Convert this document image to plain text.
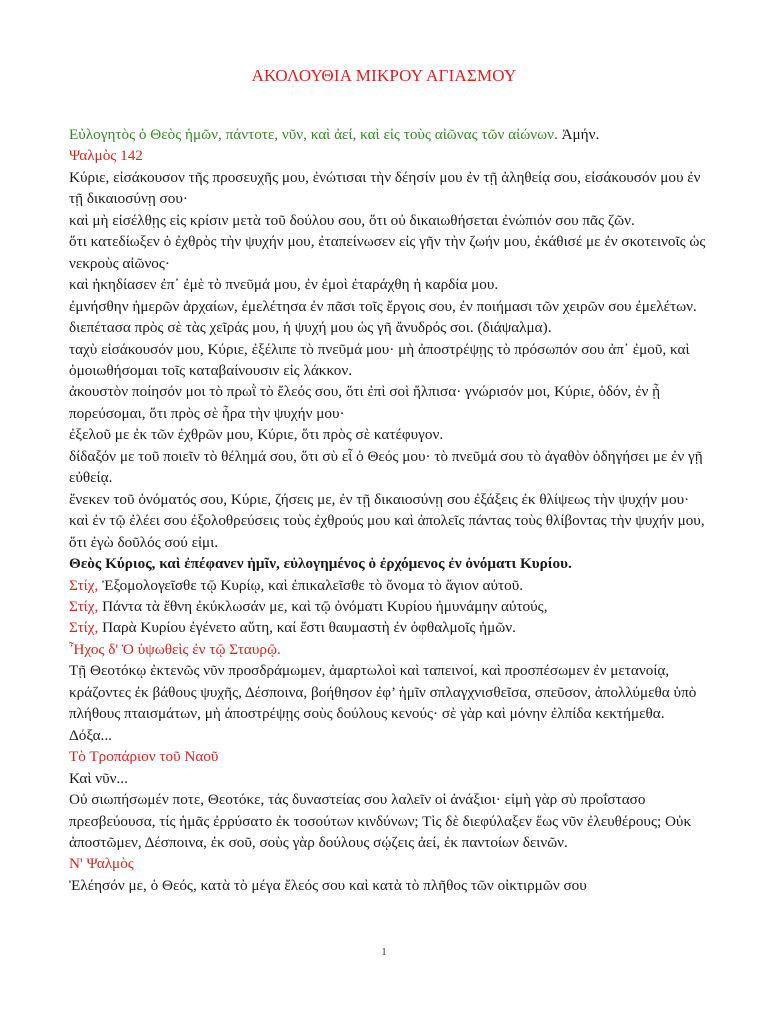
ΑΚΟΛΟΥΘΙΑ ΜΙΚΡΟΥ ΑΓΙΑΣΜΟΥ

Εὐλογητὸς ὁ Θεὸς ἡμῶν, πάντοτε, νῦν, καὶ ἀεί, καὶ εἰς τοὺς αἰῶνας τῶν αἰώνων. Ἀμήν.

Ψαλμὸς 142

Κύριε, εἰσάκουσον τῆς προσευχῆς μου, ἐνώτισαι τὴν δέησίν μου ἐν τῇ ἀληθείᾳ σου, εἰσάκουσόν μου ἐν τῇ δικαιοσύνῃ σου·

καὶ μὴ εἰσέλθῃς εἰς κρίσιν μετὰ τοῦ δούλου σου, ὅτι οὐ δικαιωθήσεται ἐνώπιόν σου πᾶς ζῶν.

ὅτι κατεδίωξεν ὁ ἐχθρὸς τὴν ψυχήν μου, ἐταπείνωσεν εἰς γῆν τὴν ζωήν μου, ἐκάθισέ με ἐν σκοτεινοῖς ὡς νεκροὺς αἰῶνος·

καὶ ἠκηδίασεν ἐπ᾽ ἐμὲ τὸ πνεῦμά μου, ἐν ἐμοὶ ἐταράχθη ἡ καρδία μου.

ἐμνήσθην ἡμερῶν ἀρχαίων, ἐμελέτησα ἐν πᾶσι τοῖς ἔργοις σου, ἐν ποιήμασι τῶν χειρῶν σου ἐμελέτων.

διεπέτασα πρὸς σὲ τὰς χεῖράς μου, ἡ ψυχή μου ὡς γῆ ἄνυδρός σοι. (διάψαλμα).

ταχὺ εἰσάκουσόν μου, Κύριε, ἐξέλιπε τὸ πνεῦμά μου· μὴ ἀποστρέψῃς τὸ πρόσωπόν σου ἀπ᾽ ἐμοῦ, καὶ ὁμοιωθήσομαι τοῖς καταβαίνουσιν εἰς λάκκον.

ἀκουστὸν ποίησόν μοι τὸ πρωῒ τὸ ἔλεός σου, ὅτι ἐπὶ σοὶ ἤλπισα· γνώρισόν μοι, Κύριε, ὁδόν, ἐν ᾗ πορεύσομαι, ὅτι πρὸς σὲ ἦρα τὴν ψυχήν μου·

ἐξελοῦ με ἐκ τῶν ἐχθρῶν μου, Κύριε, ὅτι πρὸς σὲ κατέφυγον.

δίδαξόν με τοῦ ποιεῖν τὸ θέλημά σου, ὅτι σὺ εἶ ὁ Θεός μου· τὸ πνεῦμά σου τὸ ἀγαθὸν ὁδηγήσει με ἐν γῇ εὐθείᾳ.

ἕνεκεν τοῦ ὀνόματός σου, Κύριε, ζήσεις με, ἐν τῇ δικαιοσύνῃ σου ἐξάξεις ἐκ θλίψεως τὴν ψυχήν μου·

καὶ ἐν τῷ ἐλέει σου ἐξολοθρεύσεις τοὺς ἐχθρούς μου καὶ ἀπολεῖς πάντας τοὺς θλίβοντας τὴν ψυχήν μου, ὅτι ἐγὼ δοῦλός σού εἰμι.

Θεὸς Κύριος, καὶ ἐπέφανεν ἡμῖν, εὐλογημένος ὁ ἐρχόμενος ἐν ὀνόματι Κυρίου.

Στίχ, Ἐξομολογεῖσθε τῷ Κυρίῳ, καὶ ἐπικαλεῖσθε τὸ ὄνομα τὸ ἅγιον αὐτοῦ.

Στίχ, Πάντα τὰ ἔθνη ἐκύκλωσάν με, καὶ τῷ ὀνόματι Κυρίου ἠμυνάμην αὐτούς,

Στίχ, Παρὰ Κυρίου ἐγένετο αὕτη, καί ἔστι θαυμαστὴ ἐν ὀφθαλμοῖς ἡμῶν.

Ἦχος δ' Ὁ ὑψωθεὶς ἐν τῷ Σταυρῷ.

Τῇ Θεοτόκῳ ἐκτενῶς νῦν προσδράμωμεν, ἁμαρτωλοὶ καὶ ταπεινοί, καὶ προσπέσωμεν ἐν μετανοίᾳ, κράζοντες ἐκ βάθους ψυχῆς, Δέσποινα, βοήθησον ἐφ’ ἡμῖν σπλαγχνισθεῖσα, σπεῦσον, ἀπολλύμεθα ὑπὸ πλήθους πταισμάτων, μὴ ἀποστρέψῃς σοὺς δούλους κενούς· σὲ γὰρ καὶ μόνην ἐλπίδα κεκτήμεθα.

Δόξα...

Τὸ Τροπάριον τοῦ Ναοῦ

Καὶ νῦν...

Οὐ σιωπήσωμέν ποτε, Θεοτόκε, τάς δυναστείας σου λαλεῖν οἱ ἀνάξιοι· εἰμὴ γὰρ σὺ προΐστασο πρεσβεύουσα, τίς ἡμᾶς ἐρρύσατο ἐκ τοσούτων κινδύνων; Τὶς δὲ διεφύλαξεν ἕως νῦν ἐλευθέρους; Οὐκ ἀποστῶμεν, Δέσποινα, ἐκ σοῦ, σοὺς γὰρ δούλους σῴζεις ἀεί, ἐκ παντοίων δεινῶν.

Ν' Ψαλμὸς

Ἐλέησόν με, ὁ Θεός, κατὰ τὸ μέγα ἔλεός σου καὶ κατὰ τὸ πλῆθος τῶν οἰκτιρμῶν σου

1
